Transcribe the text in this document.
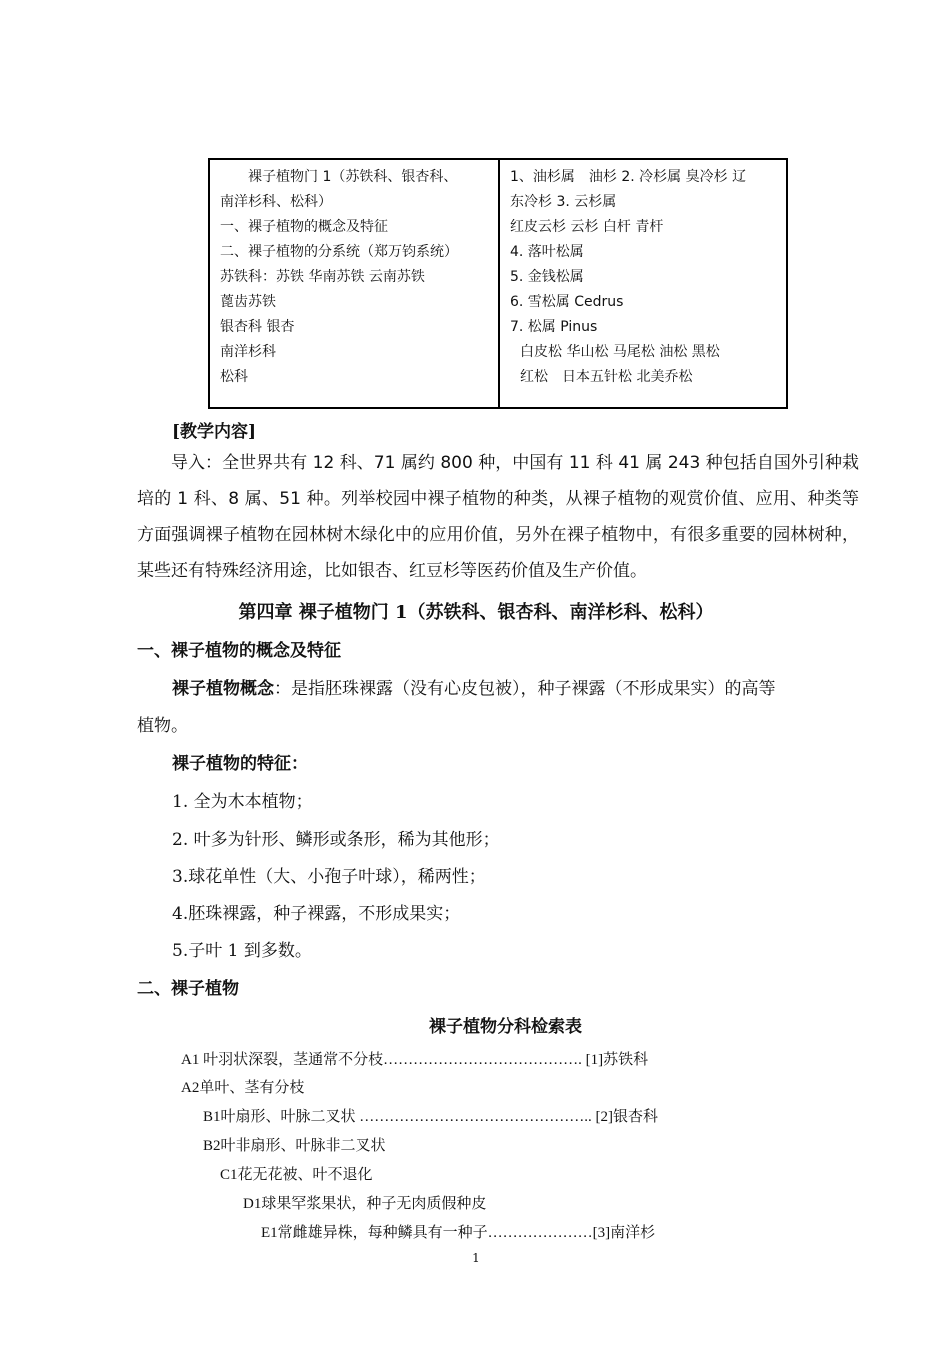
裸子植物门 1（苏铁科、银杏科、
南洋杉科、松科）
一、裸子植物的概念及特征
二、裸子植物的分系统（郑万钧系统）
苏铁科：苏铁 华南苏铁 云南苏铁
蓖齿苏铁
银杏科 银杏
南洋杉科
松科
1、油杉属　油杉 2. 冷杉属 臭冷杉 辽
东冷杉 3. 云杉属
红皮云杉 云杉 白杆 青杆
4. 落叶松属
5. 金钱松属
6. 雪松属 Cedrus
7. 松属 Pinus
白皮松 华山松 马尾松 油松 黑松
红松　日本五针松 北美乔松
[教学内容]
导入：全世界共有 12 科、71 属约 800 种，中国有 11 科 41 属 243 种包括自国外引种栽培的 1 科、8 属、51 种。列举校园中裸子植物的种类，从裸子植物的观赏价值、应用、种类等方面强调裸子植物在园林树木绿化中的应用价值，另外在裸子植物中，有很多重要的园林树种，某些还有特殊经济用途，比如银杏、红豆杉等医药价值及生产价值。
第四章 裸子植物门 1（苏铁科、银杏科、南洋杉科、松科）
一、裸子植物的概念及特征
裸子植物概念：是指胚珠裸露（没有心皮包被），种子裸露（不形成果实）的高等
植物。
裸子植物的特征：
1. 全为木本植物；
2. 叶多为针形、鳞形或条形，稀为其他形；
3.球花单性（大、小孢子叶球），稀两性；
4.胚珠裸露，种子裸露，不形成果实；
5.子叶 1 到多数。
二、裸子植物
裸子植物分科检索表
A1 叶羽状深裂，茎通常不分枝…………………………………. [1]苏铁科
A2单叶、茎有分枝
B1叶扇形、叶脉二叉状 ……………………………………….. [2]银杏科
B2叶非扇形、叶脉非二叉状
C1花无花被、叶不退化
D1球果罕浆果状，种子无肉质假种皮
E1常雌雄异株，每种鳞具有一种子…………………[3]南洋杉
1
